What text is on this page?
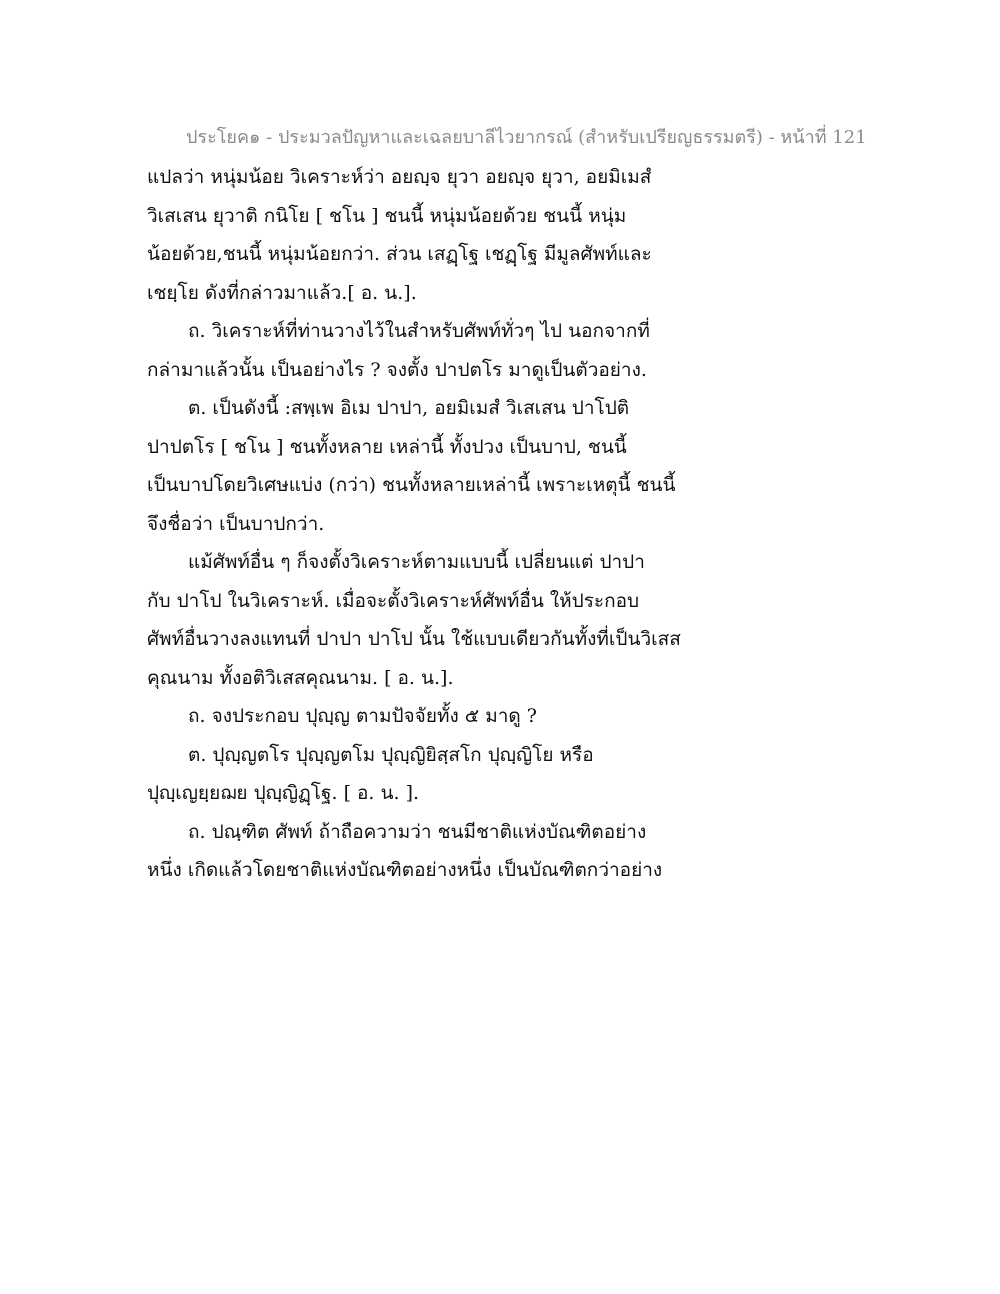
ประโยค๑ - ประมวลปัญหาและเฉลยบาลีไวยากรณ์ (สำหรับเปรียญธรรมตรี) - หน้าที่ 121
แปลว่า หนุ่มน้อย วิเคราะห์ว่า อยญฺจ ยุวา อยญฺจ ยุวา, อยมิเมสํ
วิเสเสน ยุวาติ กนิโย [ ชโน ] ชนนี้ หนุ่มน้อยด้วย ชนนี้ หนุ่ม
น้อยด้วย,ชนนี้ หนุ่มน้อยกว่า. ส่วน เสฏฺโฐ เชฏฺโฐ มีมูลศัพท์และ
เชยฺโย ดังที่กล่าวมาแล้ว.[ อ. น.].
ถ. วิเคราะห์ที่ท่านวางไว้ในสำหรับศัพท์ทั่วๆ ไป นอกจากที่
กล่ามาแล้วนั้น เป็นอย่างไร ? จงตั้ง ปาปตโร มาดูเป็นตัวอย่าง.
ต. เป็นดังนี้ :สพฺเพ อิเม ปาปา, อยมิเมสํ วิเสเสน ปาโปติ
ปาปตโร [ ชโน ] ชนทั้งหลาย เหล่านี้ ทั้งปวง เป็นบาป, ชนนี้
เป็นบาปโดยวิเศษแบ่ง (กว่า) ชนทั้งหลายเหล่านี้ เพราะเหตุนี้ ชนนี้
จึงชื่อว่า เป็นบาปกว่า.
แม้ศัพท์อื่น ๆ ก็จงตั้งวิเคราะห์ตามแบบนี้ เปลี่ยนแต่ ปาปา
กับ ปาโป ในวิเคราะห์. เมื่อจะตั้งวิเคราะห์ศัพท์อื่น ให้ประกอบ
ศัพท์อื่นวางลงแทนที่ ปาปา ปาโป นั้น ใช้แบบเดียวกันทั้งที่เป็นวิเสส
คุณนาม ทั้งอติวิเสสคุณนาม. [ อ. น.].
ถ. จงประกอบ ปุญฺญ ตามปัจจัยทั้ง ๕ มาดู ?
ต. ปุญฺญตโร ปุญฺญตโม ปุญฺญิยิสฺสโก ปุญฺญิโย หรือ
ปุญฺเญยฺยฌย ปุญฺญิฏฺโฐ. [ อ. น. ].
ถ. ปณฺฑิต ศัพท์ ถ้าถือความว่า ชนมีชาติแห่งบัณฑิตอย่าง
หนึ่ง เกิดแล้วโดยชาติแห่งบัณฑิตอย่างหนึ่ง เป็นบัณฑิตกว่าอย่าง
